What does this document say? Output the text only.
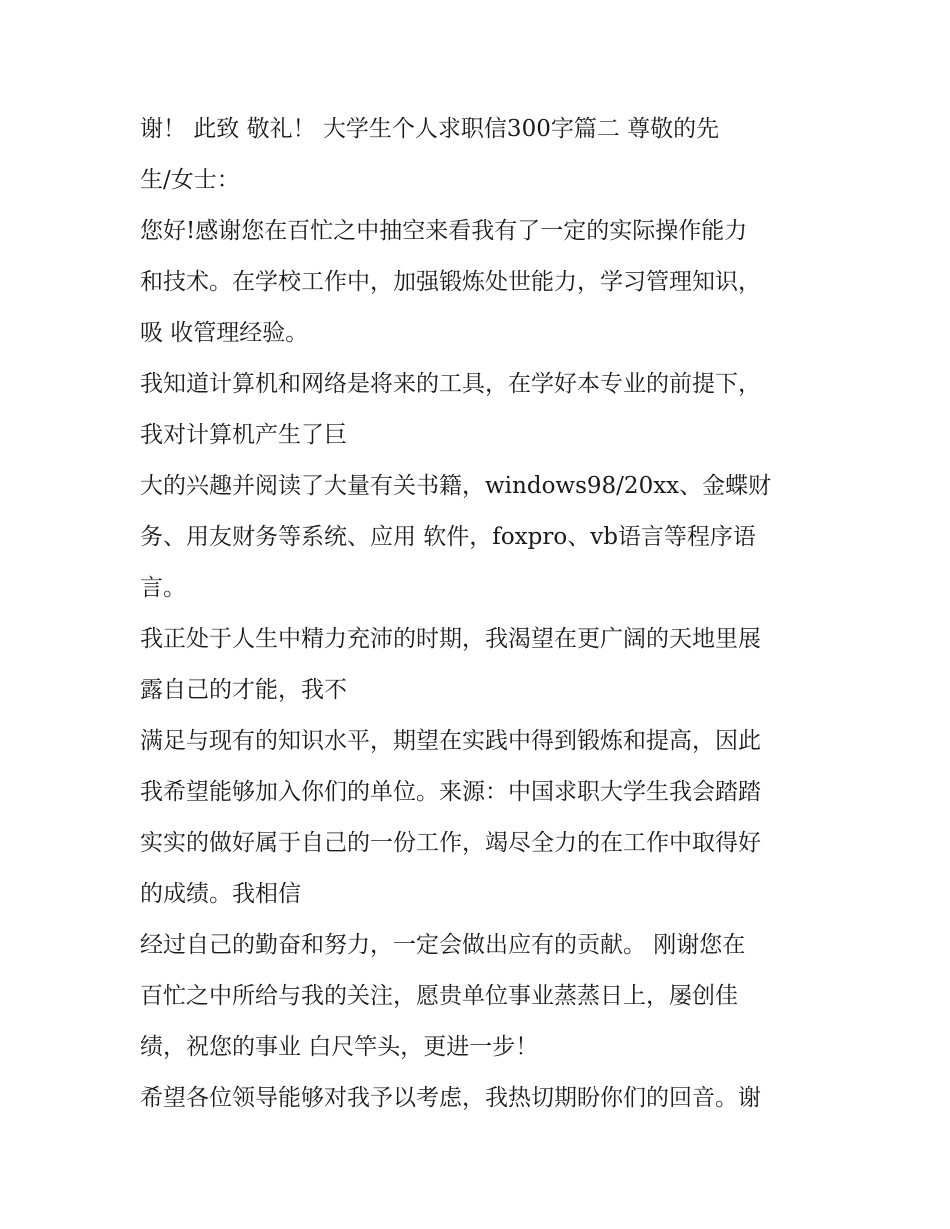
谢！ 此致 敬礼！ 大学生个人求职信300字篇二 尊敬的先
生/女士：
您好!感谢您在百忙之中抽空来看我有了一定的实际操作能力
和技术。在学校工作中，加强锻炼处世能力，学习管理知识，
吸 收管理经验。
我知道计算机和网络是将来的工具，在学好本专业的前提下，
我对计算机产生了巨
大的兴趣并阅读了大量有关书籍，windows98/20xx、金蝶财
务、用友财务等系统、应用 软件，foxpro、vb语言等程序语
言。
我正处于人生中精力充沛的时期，我渴望在更广阔的天地里展
露自己的才能，我不
满足与现有的知识水平，期望在实践中得到锻炼和提高，因此
我希望能够加入你们的单位。来源：中国求职大学生我会踏踏
实实的做好属于自己的一份工作，竭尽全力的在工作中取得好
的成绩。我相信
经过自己的勤奋和努力，一定会做出应有的贡献。 刚谢您在
百忙之中所给与我的关注，愿贵单位事业蒸蒸日上，屡创佳
绩，祝您的事业 白尺竿头，更进一步！
希望各位领导能够对我予以考虑，我热切期盼你们的回音。谢
